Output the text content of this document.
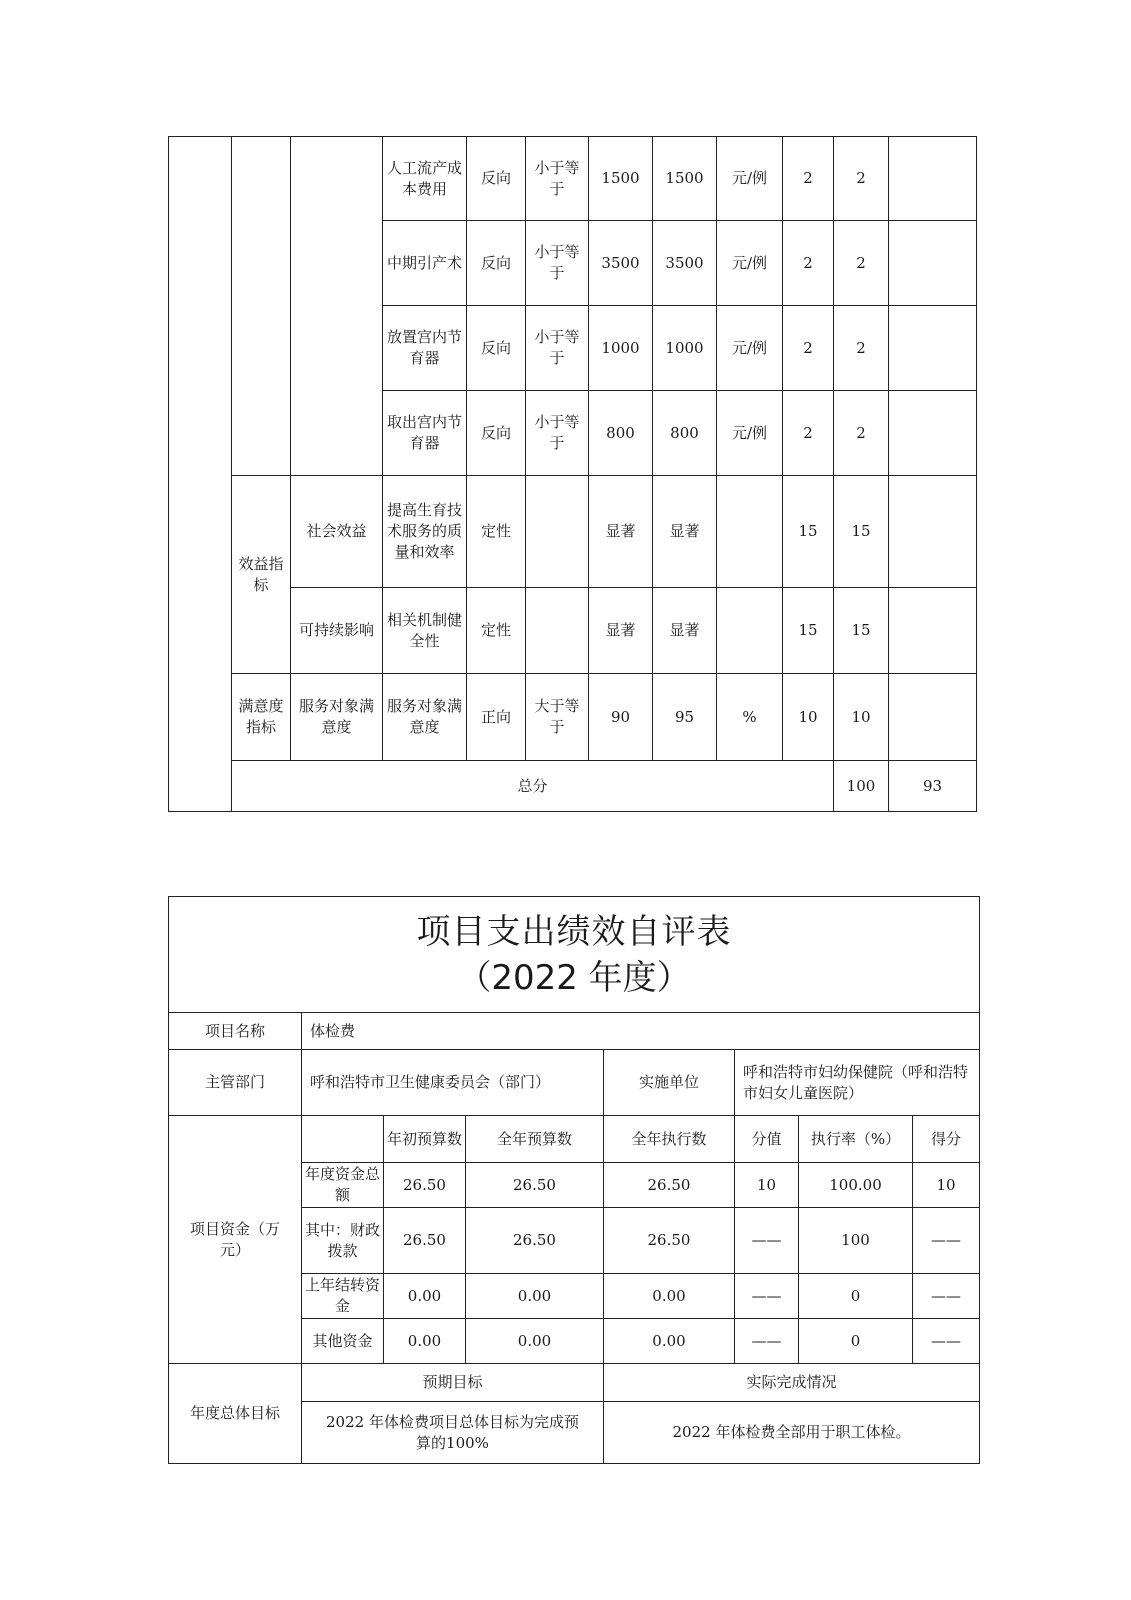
			人工流产成本费用	反向	小于等于	1500	1500	元/例	2	2		
			中期引产术	反向	小于等于	3500	3500	元/例	2	2		
			放置宫内节育器	反向	小于等于	1000	1000	元/例	2	2		
			取出宫内节育器	反向	小于等于	800	800	元/例	2	2		
	效益指标	社会效益	提高生育技术服务的质量和效率	定性		显著	显著		15	15		
		可持续影响	相关机制健全性	定性		显著	显著		15	15		
	满意度指标	服务对象满意度	服务对象满意度	正向	大于等于	90	95	%	10	10		
	总分									100	93	
项目支出绩效自评表
（2022 年度）							

项目名称	体检费						
主管部门	呼和浩特市卫生健康委员会（部门）			实施单位	呼和浩特市妇幼保健院（呼和浩特市妇女儿童医院）		
项目资金（万元）		年初预算数	全年预算数	全年执行数	分值	执行率（%）	得分
	年度资金总额	26.50	26.50	26.50	10	100.00	10
	其中：财政拨款	26.50	26.50	26.50	——	100	——
	上年结转资金	0.00	0.00	0.00	——	0	——
	其他资金	0.00	0.00	0.00	——	0	——
年度总体目标	预期目标			实际完成情况			
	2022 年体检费项目总体目标为完成预算的100%			2022 年体检费全部用于职工体检。			
